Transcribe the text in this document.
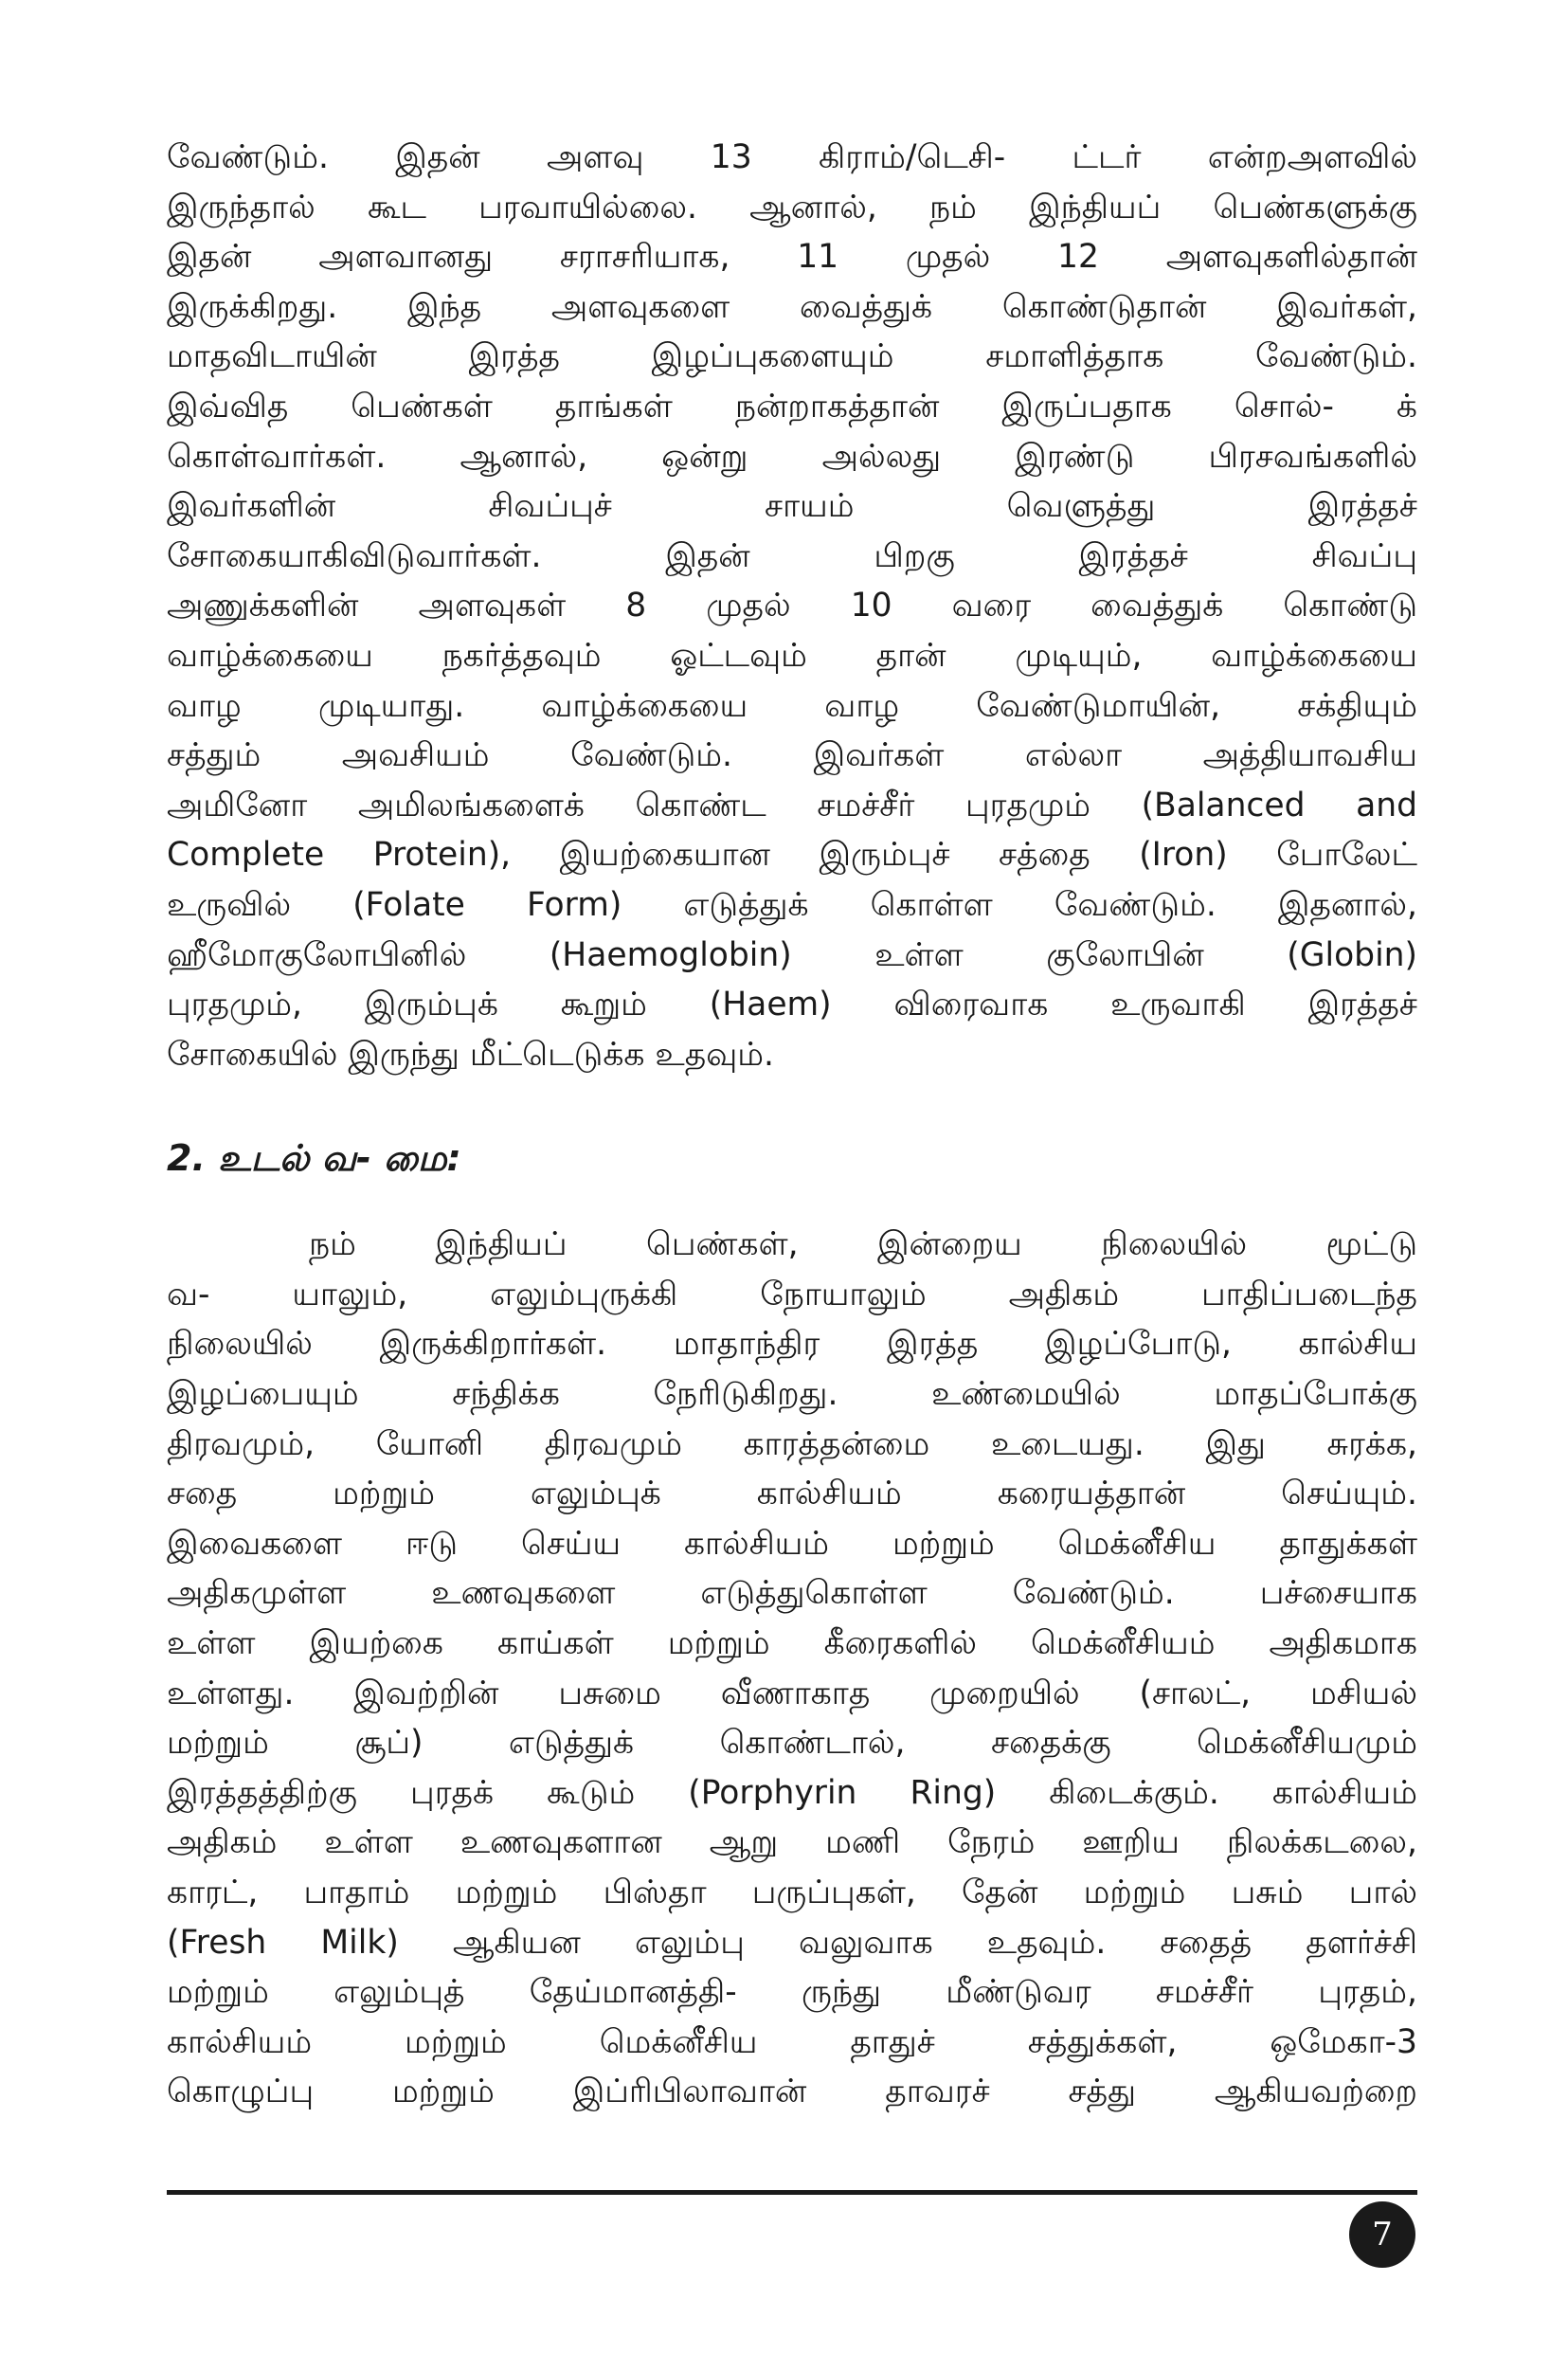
வேண்டும். இதன் அளவு 13 கிராம்/டெசி- ட்டர் என்றஅளவில்

இருந்தால் கூட பரவாயில்லை. ஆனால், நம் இந்தியப் பெண்களுக்கு

இதன் அளவானது சராசரியாக, 11 முதல் 12 அளவுகளில்தான்

இருக்கிறது. இந்த அளவுகளை வைத்துக் கொண்டுதான் இவர்கள்,

மாதவிடாயின் இரத்த இழப்புகளையும் சமாளித்தாக வேண்டும்.

இவ்வித பெண்கள் தாங்கள் நன்றாகத்தான் இருப்பதாக சொல்- க்

கொள்வார்கள். ஆனால், ஒன்று அல்லது இரண்டு பிரசவங்களில்

இவர்களின் சிவப்புச் சாயம் வெளுத்து இரத்தச்

சோகையாகிவிடுவார்கள். இதன் பிறகு இரத்தச் சிவப்பு

அணுக்களின் அளவுகள் 8 முதல் 10 வரை வைத்துக் கொண்டு

வாழ்க்கையை நகர்த்தவும் ஓட்டவும் தான் முடியும், வாழ்க்கையை

வாழ முடியாது. வாழ்க்கையை வாழ வேண்டுமாயின், சக்தியும்

சத்தும் அவசியம் வேண்டும். இவர்கள் எல்லா அத்தியாவசிய

அமினோ அமிலங்களைக் கொண்ட சமச்சீர் புரதமும் (Balanced and

Complete Protein), இயற்கையான இரும்புச் சத்தை (Iron) போலேட்

உருவில் (Folate Form) எடுத்துக் கொள்ள வேண்டும். இதனால்,

ஹீமோகுலோபினில் (Haemoglobin) உள்ள குலோபின் (Globin)

புரதமும், இரும்புக் கூறும் (Haem) விரைவாக உருவாகி இரத்தச்

சோகையில் இருந்து மீட்டெடுக்க உதவும்.

2. உடல் வ- மை:

நம் இந்தியப் பெண்கள், இன்றைய நிலையில் மூட்டு

வ- யாலும், எலும்புருக்கி நோயாலும் அதிகம் பாதிப்படைந்த

நிலையில் இருக்கிறார்கள். மாதாந்திர இரத்த இழப்போடு, கால்சிய

இழப்பையும் சந்திக்க நேரிடுகிறது. உண்மையில் மாதப்போக்கு

திரவமும், யோனி திரவமும் காரத்தன்மை உடையது. இது சுரக்க,

சதை மற்றும் எலும்புக் கால்சியம் கரையத்தான் செய்யும்.

இவைகளை ஈடு செய்ய கால்சியம் மற்றும் மெக்னீசிய தாதுக்கள்

அதிகமுள்ள உணவுகளை எடுத்துகொள்ள வேண்டும். பச்சையாக

உள்ள இயற்கை காய்கள் மற்றும் கீரைகளில் மெக்னீசியம் அதிகமாக

உள்ளது. இவற்றின் பசுமை வீணாகாத முறையில் (சாலட், மசியல்

மற்றும் சூப்) எடுத்துக் கொண்டால், சதைக்கு மெக்னீசியமும்

இரத்தத்திற்கு புரதக் கூடும் (Porphyrin Ring) கிடைக்கும். கால்சியம்

அதிகம் உள்ள உணவுகளான ஆறு மணி நேரம் ஊறிய நிலக்கடலை,

காரட், பாதாம் மற்றும் பிஸ்தா பருப்புகள், தேன் மற்றும் பசும் பால்

(Fresh Milk) ஆகியன எலும்பு வலுவாக உதவும். சதைத் தளர்ச்சி

மற்றும் எலும்புத் தேய்மானத்தி- ருந்து மீண்டுவர சமச்சீர் புரதம்,

கால்சியம் மற்றும் மெக்னீசிய தாதுச் சத்துக்கள், ஒமேகா-3

கொழுப்பு மற்றும் இப்ரிபிலாவான் தாவரச் சத்து ஆகியவற்றை

7
